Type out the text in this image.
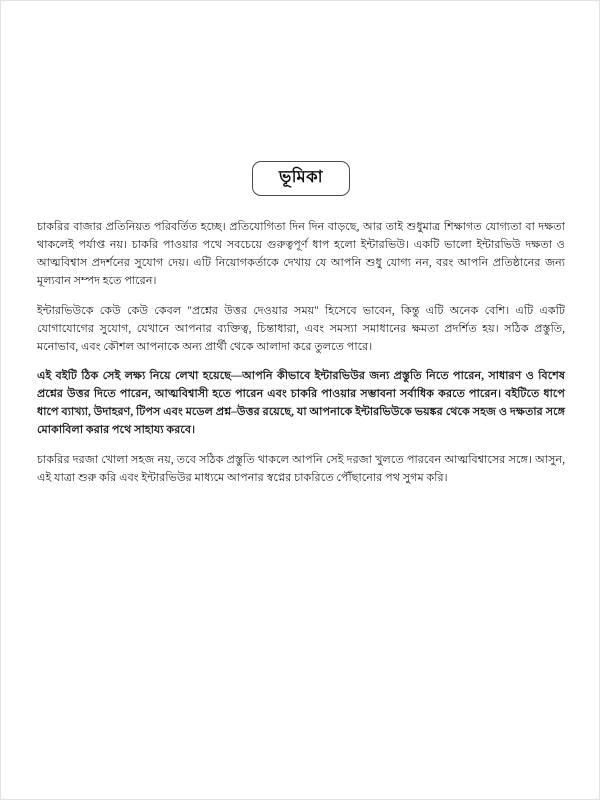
ভূমিকা

চাকরির বাজার প্রতিনিয়ত পরিবর্তিত হচ্ছে। প্রতিযোগিতা দিন দিন বাড়ছে, আর তাই শুধুমাত্র শিক্ষাগত যোগ্যতা বা দক্ষতা থাকলেই পর্যাপ্ত নয়। চাকরি পাওয়ার পথে সবচেয়ে গুরুত্বপূর্ণ ধাপ হলো ইন্টারভিউ। একটি ভালো ইন্টারভিউ দক্ষতা ও আত্মবিশ্বাস প্রদর্শনের সুযোগ দেয়। এটি নিয়োগকর্তাকে দেখায় যে আপনি শুধু যোগ্য নন, বরং আপনি প্রতিষ্ঠানের জন্য মূল্যবান সম্পদ হতে পারেন।

ইন্টারভিউকে কেউ কেউ কেবল "প্রশ্নের উত্তর দেওয়ার সময়" হিসেবে ভাবেন, কিন্তু এটি অনেক বেশি। এটি একটি যোগাযোগের সুযোগ, যেখানে আপনার ব্যক্তিত্ব, চিন্তাধারা, এবং সমস্যা সমাধানের ক্ষমতা প্রদর্শিত হয়। সঠিক প্রস্তুতি, মনোভাব, এবং কৌশল আপনাকে অন্য প্রার্থী থেকে আলাদা করে তুলতে পারে।

এই বইটি ঠিক সেই লক্ষ্য নিয়ে লেখা হয়েছে—আপনি কীভাবে ইন্টারভিউর জন্য প্রস্তুতি নিতে পারেন, সাধারণ ও বিশেষ প্রশ্নের উত্তর দিতে পারেন, আত্মবিশ্বাসী হতে পারেন এবং চাকরি পাওয়ার সম্ভাবনা সর্বাধিক করতে পারেন। বইটিতে ধাপে ধাপে ব্যাখ্যা, উদাহরণ, টিপস এবং মডেল প্রশ্ন–উত্তর রয়েছে, যা আপনাকে ইন্টারভিউকে ভয়ঙ্কর থেকে সহজ ও দক্ষতার সঙ্গে মোকাবিলা করার পথে সাহায্য করবে।

চাকরির দরজা খোলা সহজ নয়, তবে সঠিক প্রস্তুতি থাকলে আপনি সেই দরজা খুলতে পারবেন আত্মবিশ্বাসের সঙ্গে। আসুন, এই যাত্রা শুরু করি এবং ইন্টারভিউর মাধ্যমে আপনার স্বপ্নের চাকরিতে পৌঁছানোর পথ সুগম করি।
